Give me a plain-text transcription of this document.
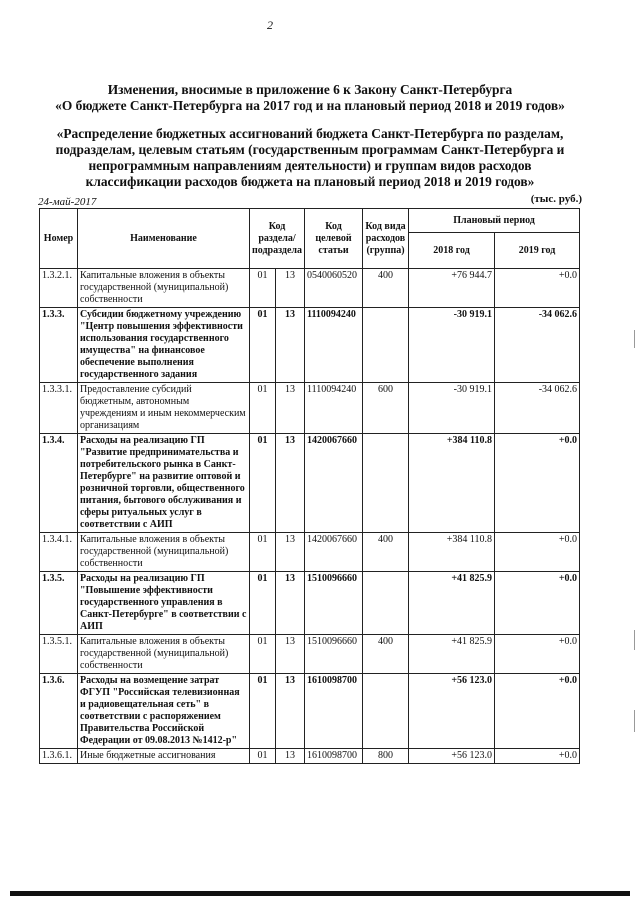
2
Изменения, вносимые в приложение 6 к Закону Санкт-Петербурга
«О бюджете Санкт-Петербурга на 2017 год и на плановый период 2018 и 2019 годов»
«Распределение бюджетных ассигнований бюджета Санкт-Петербурга по разделам,
подразделам, целевым статьям (государственным программам Санкт-Петербурга и
непрограммным направлениям деятельности) и группам видов расходов
классификации расходов бюджета на плановый период 2018 и 2019 годов»
24-май-2017	(тыс. руб.)
Номер	Наименование	Код раздела/ подраздела		Код целевой статьи	Код вида расходов (группа)	Плановый период	
						2018 год	2019 год
1.3.2.1.	Капитальные вложения в объекты государственной (муниципальной) собственности	01	13	0540060520	400	+76 944.7	+0.0
1.3.3.	Субсидии бюджетному учреждению "Центр повышения эффективности использования государственного имущества" на финансовое обеспечение выполнения государственного задания	01	13	1110094240		-30 919.1	-34 062.6
1.3.3.1.	Предоставление субсидий бюджетным, автономным учреждениям и иным некоммерческим организациям	01	13	1110094240	600	-30 919.1	-34 062.6
1.3.4.	Расходы на реализацию ГП "Развитие предпринимательства и потребительского рынка в Санкт-Петербурге" на развитие оптовой и розничной торговли, общественного питания, бытового обслуживания и сферы ритуальных услуг в соответствии с АИП	01	13	1420067660		+384 110.8	+0.0
1.3.4.1.	Капитальные вложения в объекты государственной (муниципальной) собственности	01	13	1420067660	400	+384 110.8	+0.0
1.3.5.	Расходы на реализацию ГП "Повышение эффективности государственного управления в Санкт-Петербурге" в соответствии с АИП	01	13	1510096660		+41 825.9	+0.0
1.3.5.1.	Капитальные вложения в объекты государственной (муниципальной) собственности	01	13	1510096660	400	+41 825.9	+0.0
1.3.6.	Расходы на возмещение затрат ФГУП "Российская телевизионная и радиовещательная сеть" в соответствии с распоряжением Правительства Российской Федерации от 09.08.2013 №1412-р"	01	13	1610098700		+56 123.0	+0.0
1.3.6.1.	Иные бюджетные ассигнования	01	13	1610098700	800	+56 123.0	+0.0
